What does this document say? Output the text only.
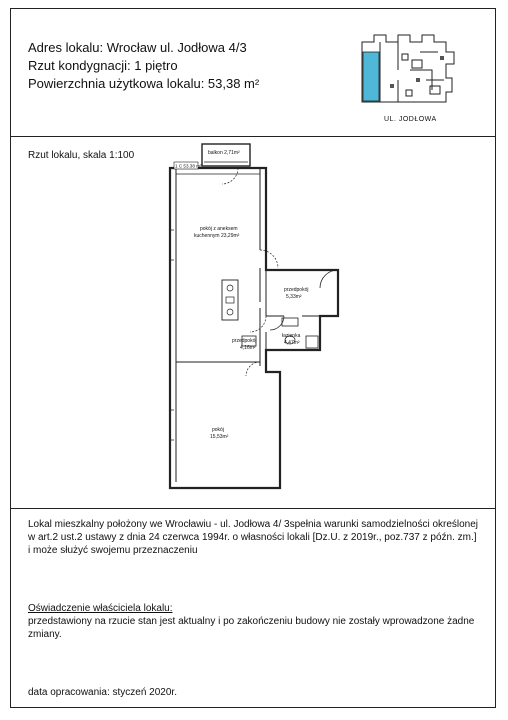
Adres lokalu: Wrocław ul. Jodłowa 4/3
Rzut kondygnacji: 1 piętro
Powierzchnia użytkowa lokalu: 53,38 m²
UL. JODŁOWA
Rzut lokalu, skala 1:100
1 C 53.38 m²
balkon 2,71m²
pokój z aneksem
kuchennym 23,29m²
przedpokój
5,33m²
łazienka
4,47m²
przedpokój
4,16m²
pokój
15,53m²
Lokal mieszkalny położony we Wrocławiu - ul. Jodłowa 4/ 3spełnia warunki samodzielności określonej
w art.2 ust.2 ustawy z dnia 24 czerwca 1994r. o własności lokali [Dz.U. z 2019r., poz.737 z późn. zm.]
i może służyć swojemu przeznaczeniu
Oświadczenie właściciela lokalu:
przedstawiony na rzucie stan jest aktualny i po zakończeniu budowy nie zostały wprowadzone żadne
zmiany.
data opracowania: styczeń 2020r.
